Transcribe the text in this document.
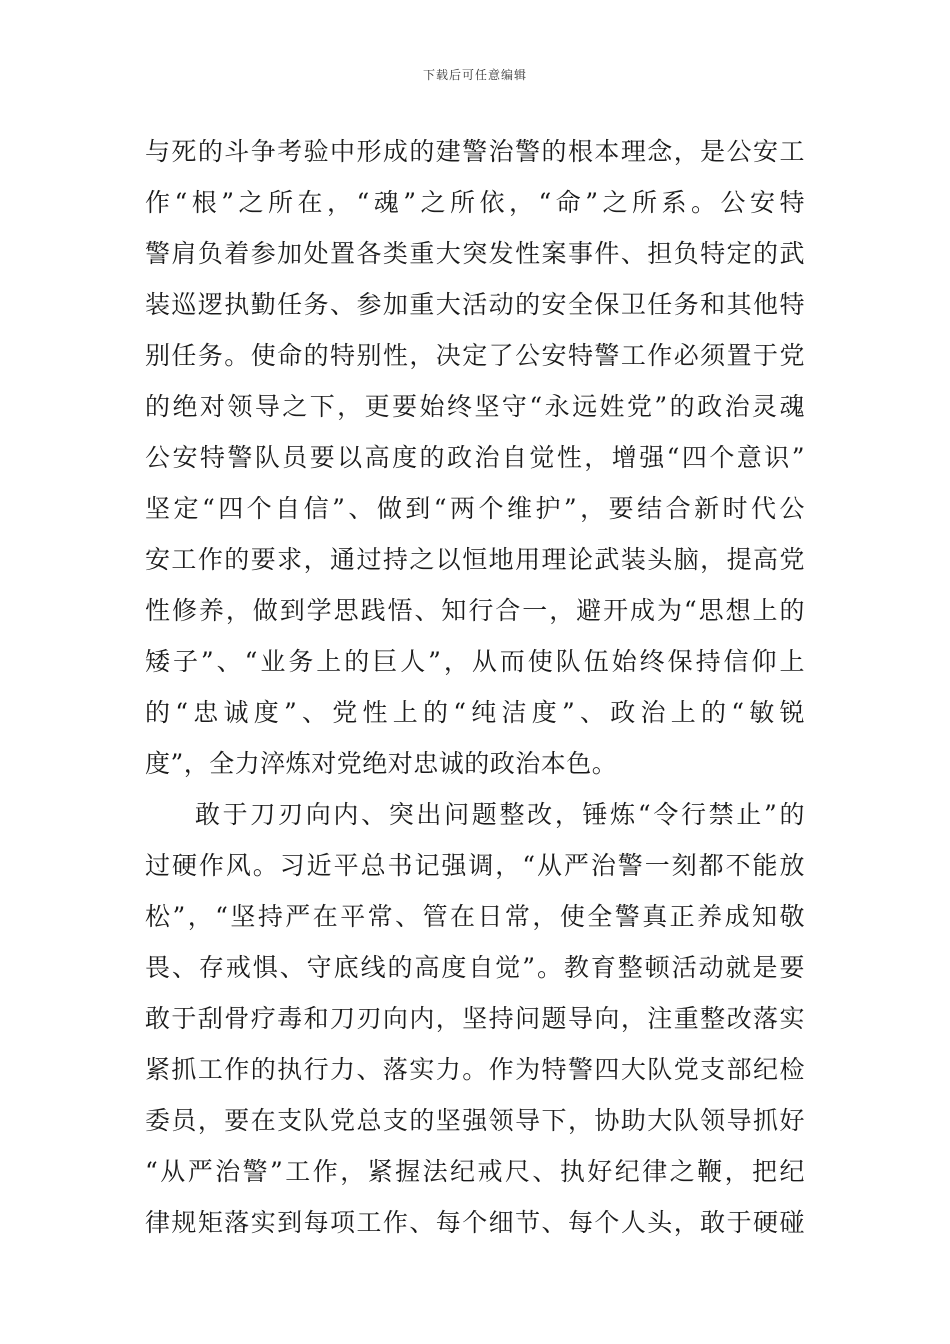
下载后可任意编辑
与死的斗争考验中形成的建警治警的根本理念，是公安工
作“根”之所在，“魂”之所依，“命”之所系。公安特
警肩负着参加处置各类重大突发性案事件、担负特定的武
装巡逻执勤任务、参加重大活动的安全保卫任务和其他特
别任务。使命的特别性，决定了公安特警工作必须置于党
的绝对领导之下，更要始终坚守“永远姓党”的政治灵魂
公安特警队员要以高度的政治自觉性，增强“四个意识”
坚定“四个自信”、做到“两个维护”，要结合新时代公
安工作的要求，通过持之以恒地用理论武装头脑，提高党
性修养，做到学思践悟、知行合一，避开成为“思想上的
矮子”、“业务上的巨人”，从而使队伍始终保持信仰上
的“忠诚度”、党性上的“纯洁度”、政治上的“敏锐
度”，全力淬炼对党绝对忠诚的政治本色。
敢于刀刃向内、突出问题整改，锤炼“令行禁止”的
过硬作风。习近平总书记强调，“从严治警一刻都不能放
松”，“坚持严在平常、管在日常，使全警真正养成知敬
畏、存戒惧、守底线的高度自觉”。教育整顿活动就是要
敢于刮骨疗毒和刀刃向内，坚持问题导向，注重整改落实
紧抓工作的执行力、落实力。作为特警四大队党支部纪检
委员，要在支队党总支的坚强领导下，协助大队领导抓好
“从严治警”工作，紧握法纪戒尺、执好纪律之鞭，把纪
律规矩落实到每项工作、每个细节、每个人头，敢于硬碰
